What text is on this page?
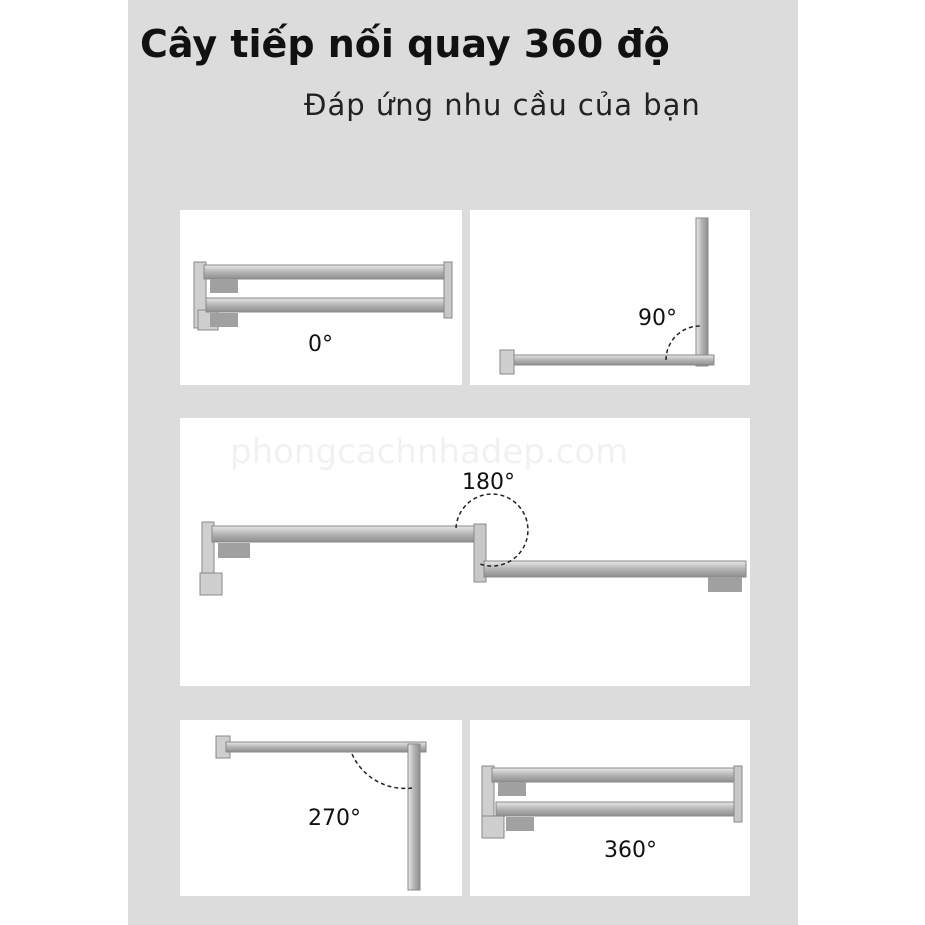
Cây tiếp nối quay 360 độ
Đáp ứng nhu cầu của bạn
0°
90°
180°
270°
360°
phongcachnhadep.com
